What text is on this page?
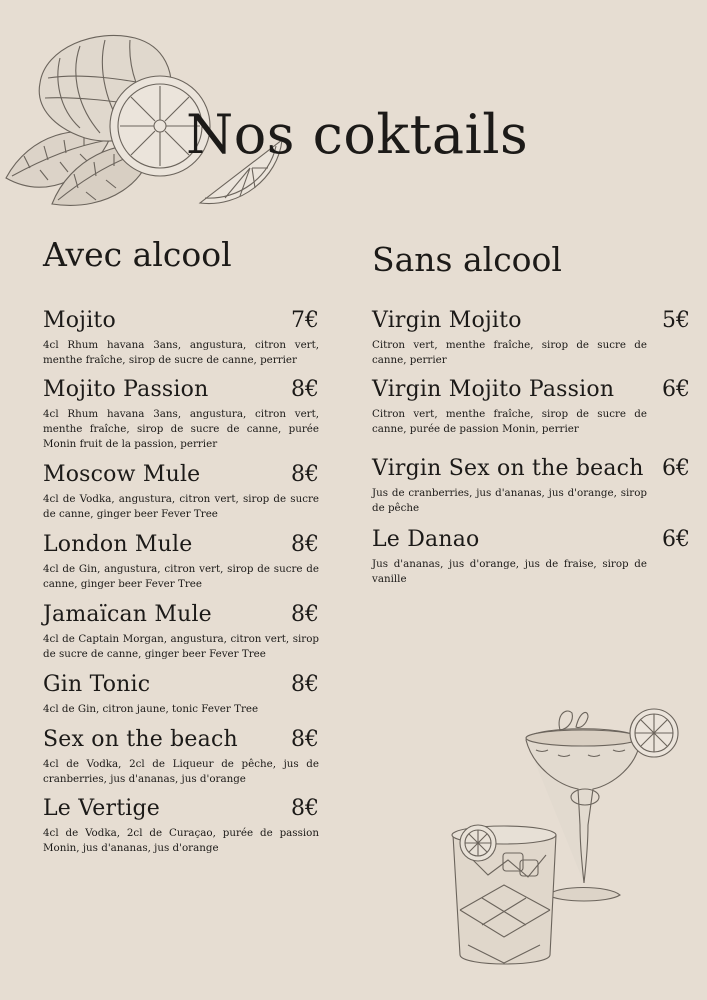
Nos coktails
Avec alcool	Sans alcool
Mojito	7€
4cl Rhum havana 3ans, angustura, citron vert, menthe fraîche, sirop de sucre de canne, perrier
Mojito Passion	8€
4cl Rhum havana 3ans, angustura, citron vert, menthe fraîche, sirop de sucre de canne, purée Monin fruit de la passion, perrier
Moscow Mule	8€
4cl de Vodka, angustura, citron vert, sirop de sucre de canne, ginger beer Fever Tree
London Mule	8€
4cl de Gin, angustura, citron vert, sirop de sucre de canne, ginger beer Fever Tree
Jamaïcan Mule	8€
4cl de Captain Morgan, angustura, citron vert, sirop de sucre de canne, ginger beer Fever Tree
Gin Tonic	8€
4cl de Gin, citron jaune, tonic Fever Tree
Sex on the beach 8€
4cl de Vodka, 2cl de Liqueur de pêche, jus de cranberries, jus d'ananas, jus d'orange
Le Vertige	8€
4cl de Vodka, 2cl de Curaçao, purée de passion Monin, jus d'ananas, jus d'orange
Virgin Mojito	5€
Citron vert, menthe fraîche, sirop de sucre de canne, perrier
Virgin Mojito Passion 6€
Citron vert, menthe fraîche, sirop de sucre de canne, purée de passion Monin, perrier
Virgin Sex on the beach 6€
Jus de cranberries, jus d'ananas, jus d'orange, sirop de pêche
Le Danao	6€
Jus d'ananas, jus d'orange, jus de fraise, sirop de vanille
